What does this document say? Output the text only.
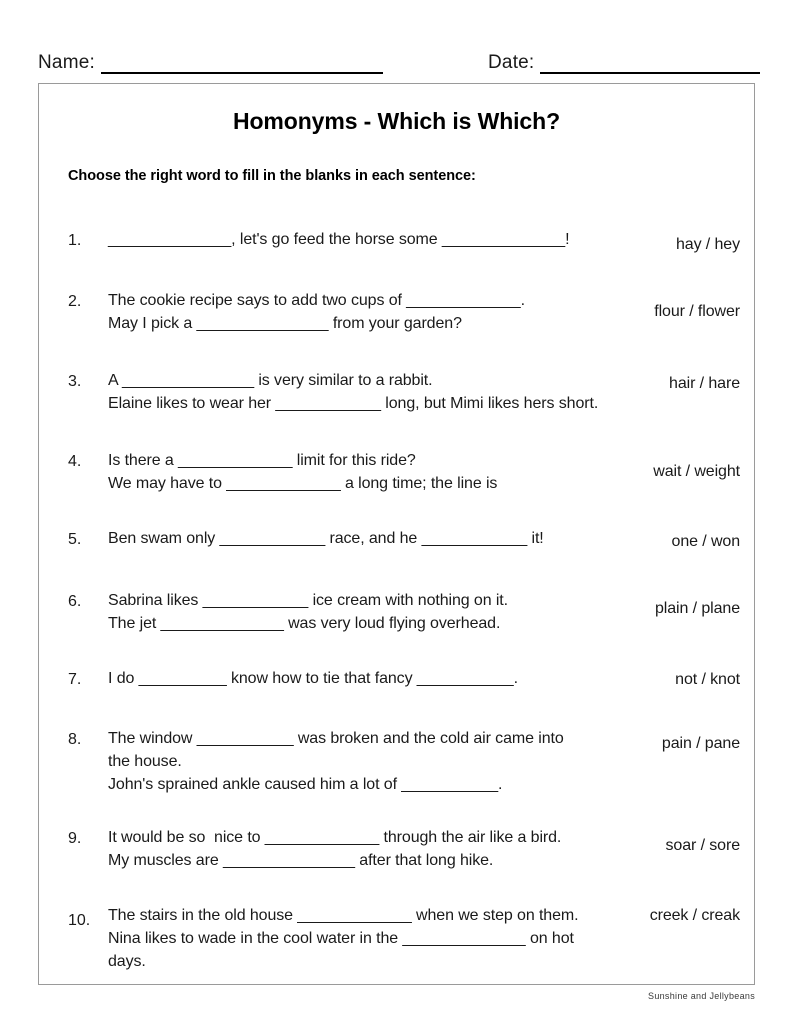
Name:	Date:
Homonyms - Which is Which?
Choose the right word to fill in the blanks in each sentence:
1.	______________, let's go feed the horse some ______________!	hay / hey
2.	The cookie recipe says to add two cups of _____________.
May I pick a _______________ from your garden?
flour / flower
3.	A _______________ is very similar to a rabbit.
Elaine likes to wear her ____________ long, but Mimi likes hers short.
hair / hare
4.	Is there a _____________ limit for this ride?
We may have to _____________ a long time; the line is
wait / weight
5.	Ben swam only ____________ race, and he ____________ it!	one / won
6.	Sabrina likes ____________ ice cream with nothing on it.
The jet ______________ was very loud flying overhead.
plain / plane
7.	I do __________ know how to tie that fancy ___________.	not / knot
8.	The window ___________ was broken and the cold air came into
the house.
John's sprained ankle caused him a lot of ___________.
pain / pane
9.	It would be so  nice to _____________ through the air like a bird.
My muscles are _______________ after that long hike.
soar / sore
10.	The stairs in the old house _____________ when we step on them.
Nina likes to wade in the cool water in the ______________ on hot days.
creek / creak
Sunshine and Jellybeans
